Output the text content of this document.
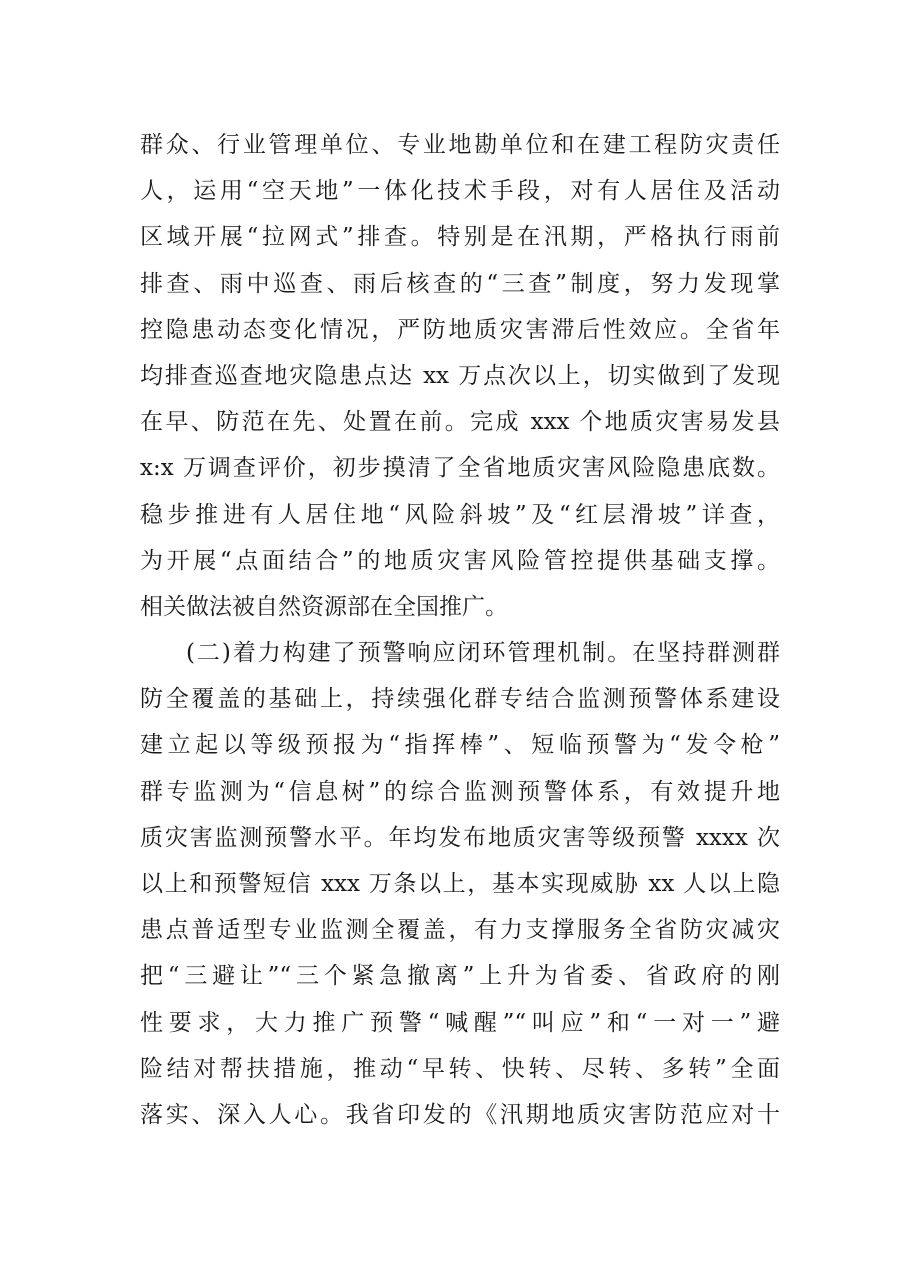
群众、行业管理单位、专业地勘单位和在建工程防灾责任
人，运用“空天地”一体化技术手段，对有人居住及活动
区域开展“拉网式”排查。特别是在汛期，严格执行雨前
排查、雨中巡查、雨后核查的“三查”制度，努力发现掌
控隐患动态变化情况，严防地质灾害滞后性效应。全省年
均排查巡查地灾隐患点达 xx 万点次以上，切实做到了发现
在早、防范在先、处置在前。完成 xxx 个地质灾害易发县
x:x 万调查评价，初步摸清了全省地质灾害风险隐患底数。
稳步推进有人居住地“风险斜坡”及“红层滑坡”详查，
为开展“点面结合”的地质灾害风险管控提供基础支撑。
相关做法被自然资源部在全国推广。
(二)着力构建了预警响应闭环管理机制。在坚持群测群
防全覆盖的基础上，持续强化群专结合监测预警体系建设
建立起以等级预报为“指挥棒”、短临预警为“发令枪”
群专监测为“信息树”的综合监测预警体系，有效提升地
质灾害监测预警水平。年均发布地质灾害等级预警 xxxx 次
以上和预警短信 xxx 万条以上，基本实现威胁 xx 人以上隐
患点普适型专业监测全覆盖，有力支撑服务全省防灾减灾
把“三避让”“三个紧急撤离”上升为省委、省政府的刚
性要求，大力推广预警“喊醒”“叫应”和“一对一”避
险结对帮扶措施，推动“早转、快转、尽转、多转”全面
落实、深入人心。我省印发的《汛期地质灾害防范应对十
